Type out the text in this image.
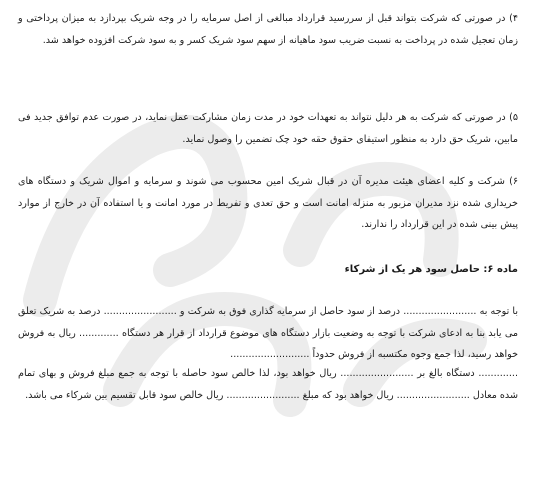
۴) در صورتی که شرکت بتواند قبل از سررسید قرارداد مبالغی از اصل سرمایه را در وجه شریک بپردازد به میزان پرداختی و زمان تعجیل شده در پرداخت به نسبت ضریب سود ماهیانه از سهم سود شریک کسر و به سود شرکت افزوده خواهد شد.

۵) در صورتی که شرکت به هر دلیل نتواند به تعهدات خود در مدت زمان مشارکت عمل نماید، در صورت عدم توافق جدید فی مابین، شریک حق دارد به منظور استیفای حقوق حقه خود چک تضمین را وصول نماید.

۶) شرکت و کلیه اعضای هیئت مدیره آن در قبال شریک امین محسوب می شوند و سرمایه و اموال شریک و دستگاه های خریداری شده نزد مدیران مزبور به منزله امانت است و حق تعدی و تفریط در مورد امانت و یا استفاده آن در خارج از موارد پیش بینی شده در این قرارداد را ندارند.

ماده ۶: حاصل سود هر یک از شرکاء

با توجه به ........................ درصد از سود حاصل از سرمایه گذاری فوق به شرکت و ........................ درصد به شریک تعلق می یابد بنا به ادعای شرکت با توجه به وضعیت بازار دستگاه های موضوع قرارداد از قرار هر دستگاه ............. ریال به فروش خواهد رسید، لذا جمع وجوه مکتسبه از فروش حدوداً ..........................

............. دستگاه بالغ بر ........................ ریال خواهد بود، لذا خالص سود حاصله با توجه به جمع مبلغ فروش و بهای تمام شده معادل ........................ ریال خواهد بود که مبلغ ........................ ریال خالص سود قابل تقسیم بین شرکاء می باشد.
